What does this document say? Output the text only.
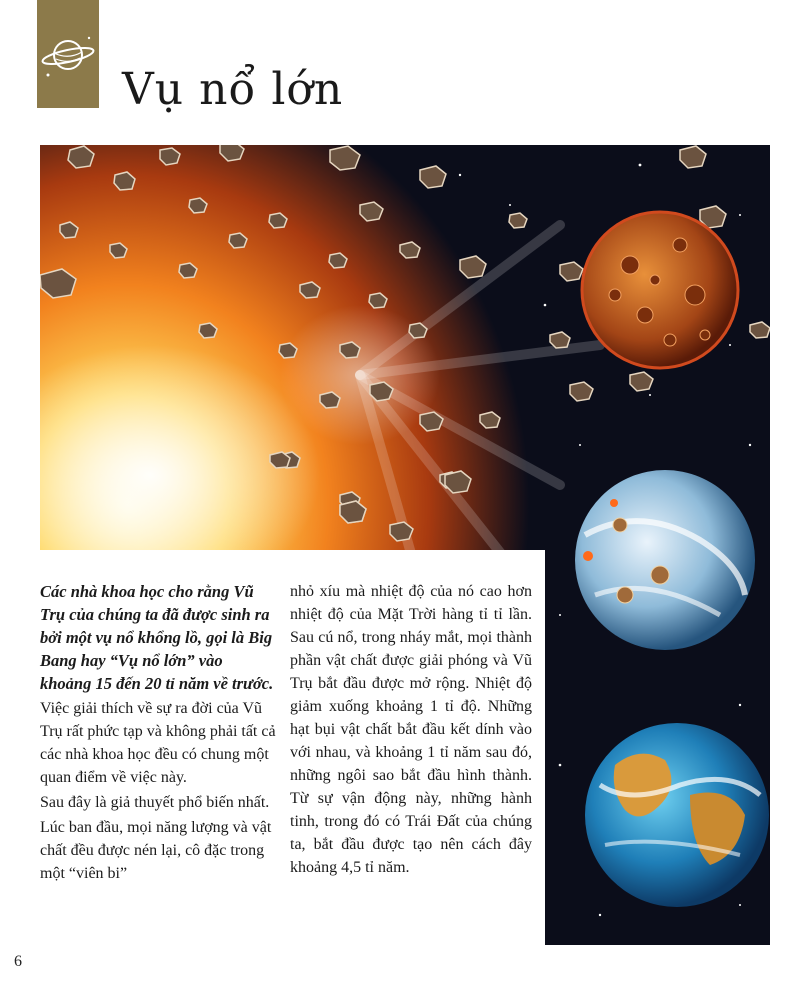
Vụ nổ lớn

Các nhà khoa học cho rằng Vũ Trụ của chúng ta đã được sinh ra bởi một vụ nổ khổng lồ, gọi là Big Bang hay “Vụ nổ lớn” vào khoảng 15 đến 20 tỉ năm về trước.

Việc giải thích về sự ra đời của Vũ Trụ rất phức tạp và không phải tất cả các nhà khoa học đều có chung một quan điểm về việc này.

Sau đây là giả thuyết phổ biến nhất.

Lúc ban đầu, mọi năng lượng và vật chất đều được nén lại, cô đặc trong một “viên bi”

nhỏ xíu mà nhiệt độ của nó cao hơn nhiệt độ của Mặt Trời hàng tỉ tỉ lần. Sau cú nổ, trong nháy mắt, mọi thành phần vật chất được giải phóng và Vũ Trụ bắt đầu được mở rộng. Nhiệt độ giảm xuống khoảng 1 tỉ độ. Những hạt bụi vật chất bắt đầu kết dính vào với nhau, và khoảng 1 tỉ năm sau đó, những ngôi sao bắt đầu hình thành. Từ sự vận động này, những hành tinh, trong đó có Trái Đất của chúng ta, bắt đầu được tạo nên cách đây khoảng 4,5 tỉ năm.

6
